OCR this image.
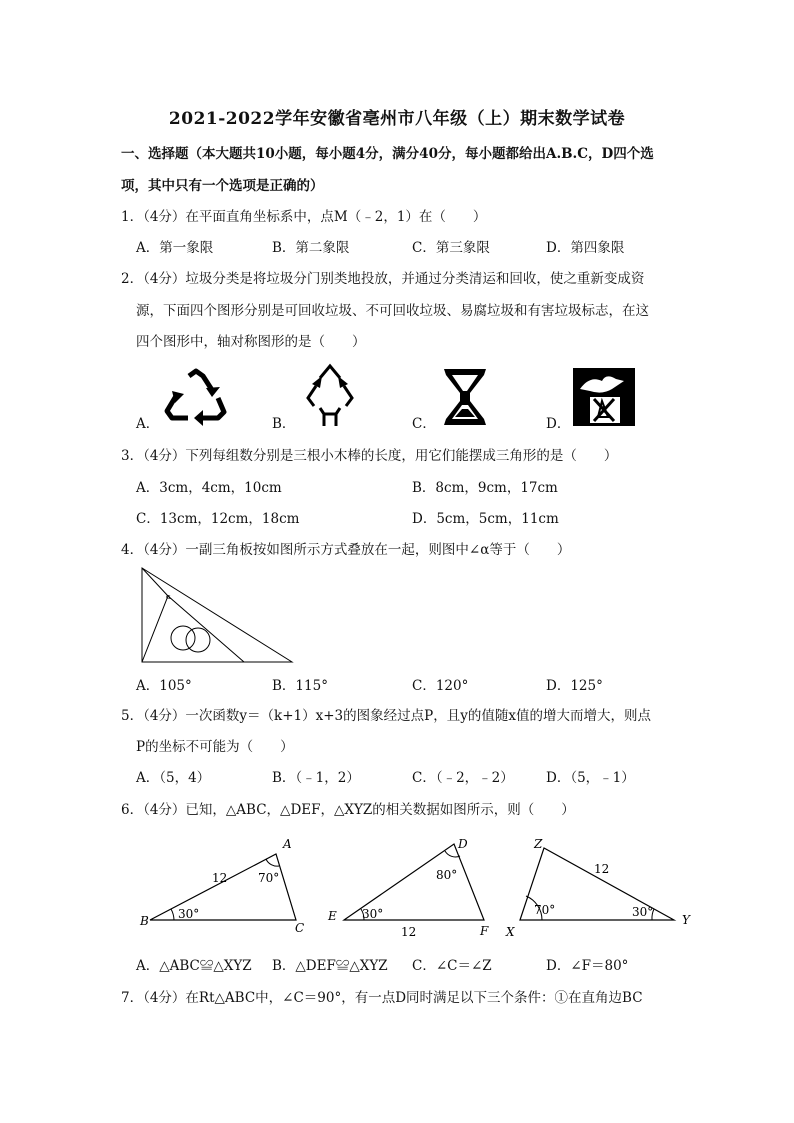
2021-2022学年安徽省亳州市八年级（上）期末数学试卷
一、选择题（本大题共10小题，每小题4分，满分40分，每小题都给出A.B.C，D四个选
项，其中只有一个选项是正确的）
1．（4分）在平面直角坐标系中，点M（﹣2，1）在（　　）
A．第一象限	B．第二象限	C．第三象限	D．第四象限
2．（4分）垃圾分类是将垃圾分门别类地投放，并通过分类清运和回收，使之重新变成资
源，下面四个图形分别是可回收垃圾、不可回收垃圾、易腐垃圾和有害垃圾标志，在这
四个图形中，轴对称图形的是（　　）
A．	B．	C．	D．
3．（4分）下列每组数分别是三根小木棒的长度，用它们能摆成三角形的是（　　）
A．3cm，4cm，10cm	B．8cm，9cm，17cm
C．13cm，12cm，18cm	D．5cm，5cm，11cm
4．（4分）一副三角板按如图所示方式叠放在一起，则图中∠α等于（　　）
α
A．105°	B．115°	C．120°	D．125°
5．（4分）一次函数y＝（k+1）x+3的图象经过点P，且y的值随x值的增大而增大，则点
P的坐标不可能为（　　）
A．（5，4）	B．（﹣1，2）	C．（﹣2，﹣2） D．（5，﹣1）
6．（4分）已知，△ABC，△DEF，△XYZ的相关数据如图所示，则（　　）
A
B	C
12	70°
30°
D
E
F
12
80°
30°
Z
X
Y
12
70°	30°
A．△ABC≌△XYZ B．△DEF≌△XYZ C．∠C＝∠Z	D．∠F＝80°
7．（4分）在Rt△ABC中，∠C＝90°，有一点D同时满足以下三个条件：①在直角边BC
